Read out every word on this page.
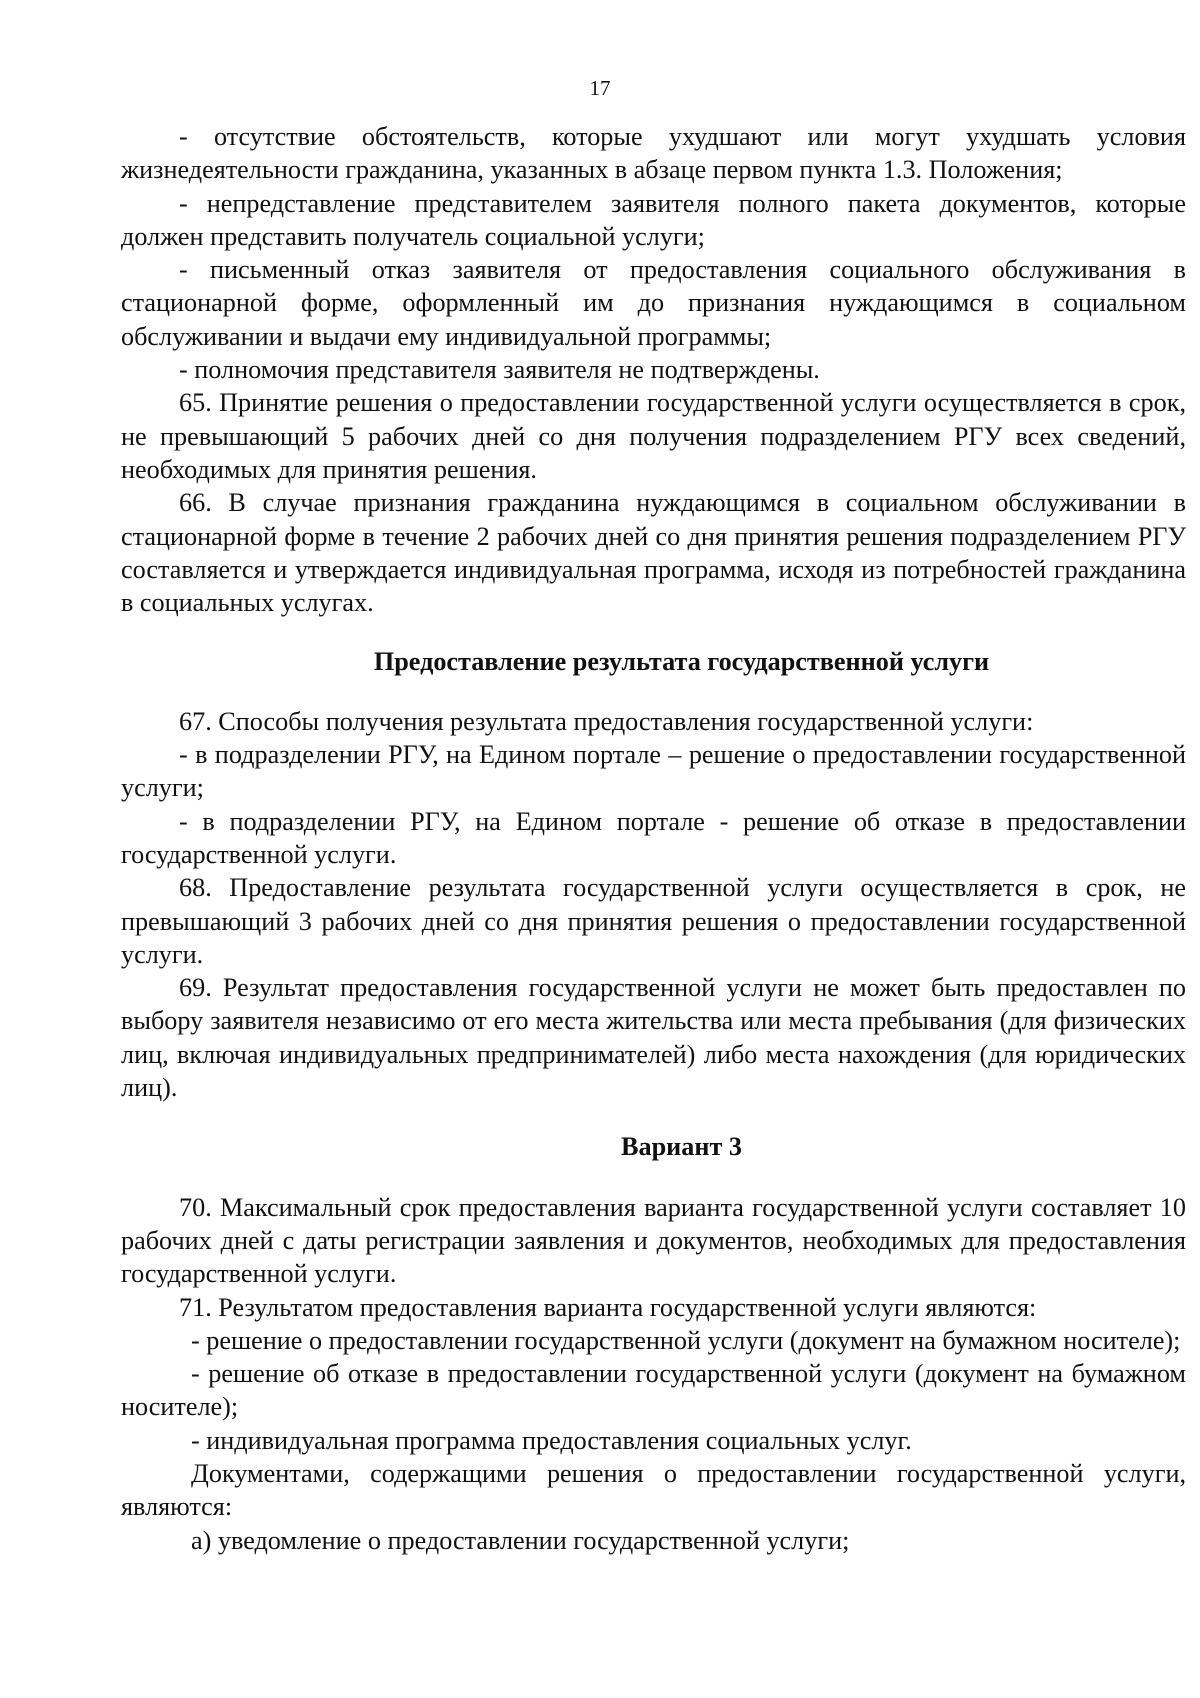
17

- отсутствие обстоятельств, которые ухудшают или могут ухудшать условия жизнедеятельности гражданина, указанных в абзаце первом пункта 1.3. Положения;

- непредставление представителем заявителя полного пакета документов, которые должен представить получатель социальной услуги;

- письменный отказ заявителя от предоставления социального обслуживания в стационарной форме, оформленный им до признания нуждающимся в социальном обслуживании и выдачи ему индивидуальной программы;

- полномочия представителя заявителя не подтверждены.

65. Принятие решения о предоставлении государственной услуги осуществляется в срок, не превышающий 5 рабочих дней со дня получения подразделением РГУ всех сведений, необходимых для принятия решения.

66. В случае признания гражданина нуждающимся в социальном обслуживании в стационарной форме в течение 2 рабочих дней со дня принятия решения подразделением РГУ составляется и утверждается индивидуальная программа, исходя из потребностей гражданина в социальных услугах.

Предоставление результата государственной услуги

67. Способы получения результата предоставления государственной услуги:

- в подразделении РГУ, на Едином портале – решение о предоставлении государственной услуги;

- в подразделении РГУ, на Едином портале - решение об отказе в предоставлении государственной услуги.

68. Предоставление результата государственной услуги осуществляется в срок, не превышающий 3 рабочих дней со дня принятия решения о предоставлении государственной услуги.

69. Результат предоставления государственной услуги не может быть предоставлен по выбору заявителя независимо от его места жительства или места пребывания (для физических лиц, включая индивидуальных предпринимателей) либо места нахождения (для юридических лиц).

Вариант 3

70. Максимальный срок предоставления варианта государственной услуги составляет 10 рабочих дней с даты регистрации заявления и документов, необходимых для предоставления государственной услуги.

71. Результатом предоставления варианта государственной услуги являются:

- решение о предоставлении государственной услуги (документ на бумажном носителе);

- решение об отказе в предоставлении государственной услуги (документ на бумажном носителе);

- индивидуальная программа предоставления социальных услуг.

Документами, содержащими решения о предоставлении государственной услуги, являются:

а) уведомление о предоставлении государственной услуги;
